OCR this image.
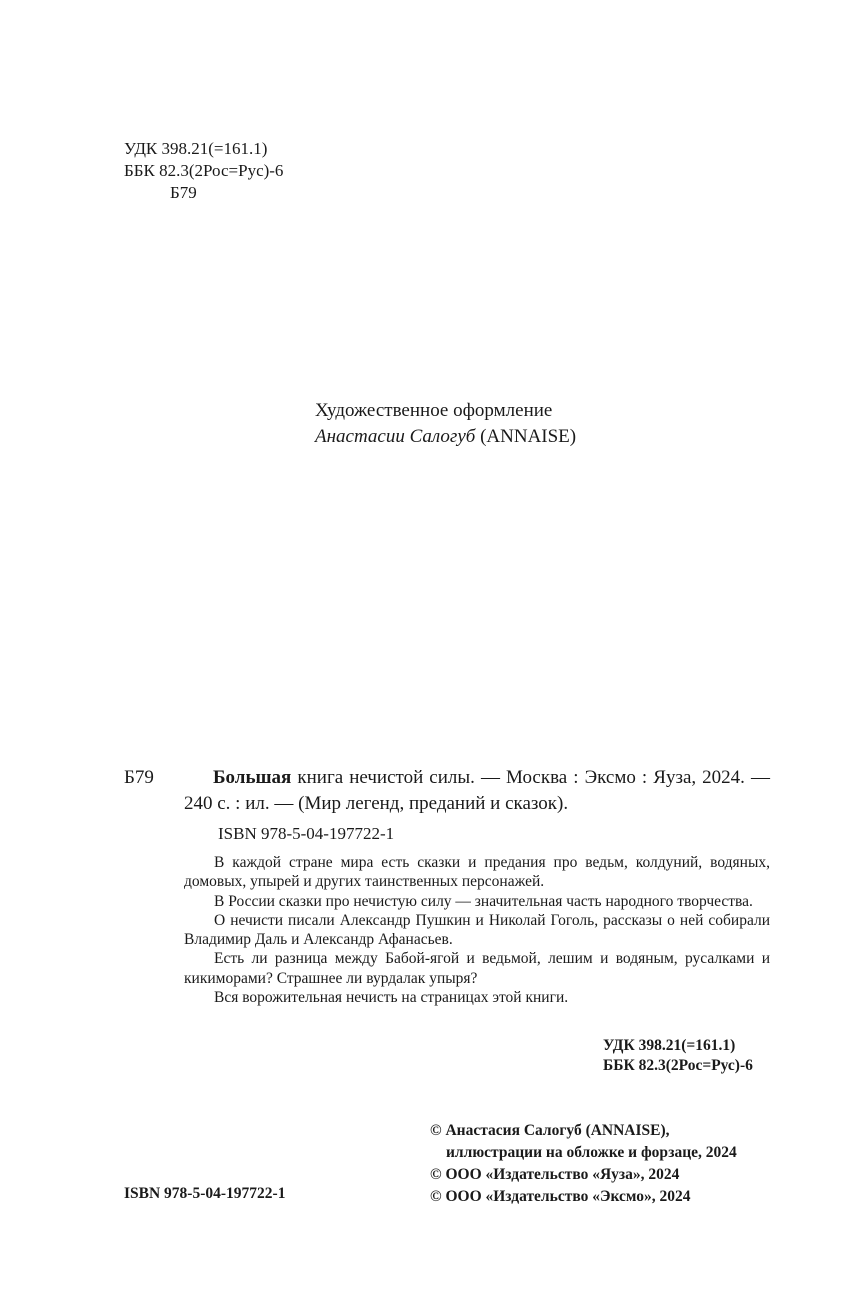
УДК 398.21(=161.1)
ББК 82.3(2Рос=Рус)-6
Б79
Художественное оформление
Анастасии Салогуб (ANNAISE)
Б79	Большая книга нечистой силы. — Москва : Эксмо : Яуза, 2024. —
240 с. : ил. — (Мир легенд, преданий и сказок).
ISBN 978-5-04-197722-1

В каждой стране мира есть сказки и предания про ведьм, колдуний, водяных, домовых, упырей и других таинственных персонажей.

В России сказки про нечистую силу — значительная часть народного творчества.

О нечисти писали Александр Пушкин и Николай Гоголь, рассказы о ней собирали Владимир Даль и Александр Афанасьев.

Есть ли разница между Бабой-ягой и ведьмой, лешим и водяным, русалками и кикиморами? Страшнее ли вурдалак упыря?

Вся ворожительная нечисть на страницах этой книги.

УДК 398.21(=161.1)
ББК 82.3(2Рос=Рус)-6
© Анастасия Салогуб (ANNAISE),
иллюстрации на обложке и форзаце, 2024
© ООО «Издательство «Яуза», 2024
© ООО «Издательство «Эксмо», 2024
ISBN 978-5-04-197722-1
